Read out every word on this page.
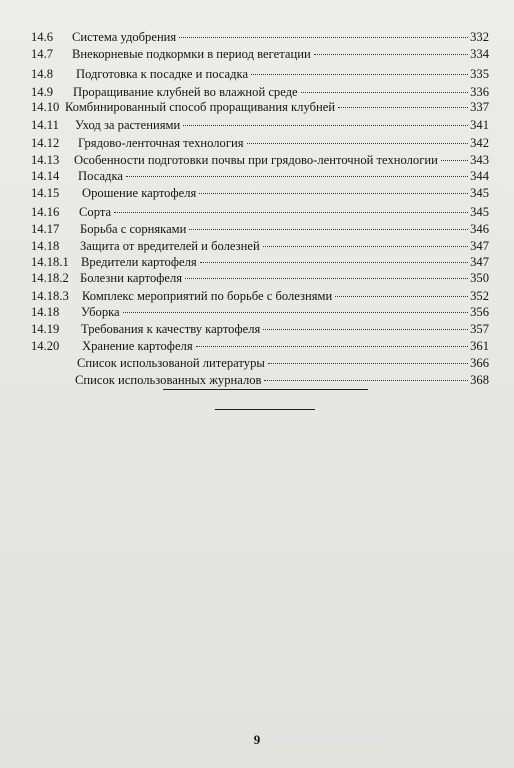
14.6 Система удобрения	332
14.7 Внекорневые подкормки в период вегетации	334
14.8 Подготовка к посадке и посадка	335
14.9 Проращивание клубней во влажной среде	336
14.10 Комбинированный способ проращивания клубней	337
14.11 Уход за растениями	341
14.12 Грядово-ленточная технология	342
14.13 Особенности подготовки почвы при грядово-ленточной технологии	343
14.14 Посадка	344
14.15 Орошение картофеля	345
14.16 Сорта	345
14.17 Борьба с сорняками	346
14.18 Защита от вредителей и болезней	347
14.18.1 Вредители картофеля	347
14.18.2 Болезни картофеля	350
14.18.3 Комплекс мероприятий по борьбе с болезнями	352
14.18 Уборка	356
14.19 Требования к качеству картофеля	357
14.20 Хранение картофеля	361
Список использованой литературы	366
Список использованных журналов	368
9
